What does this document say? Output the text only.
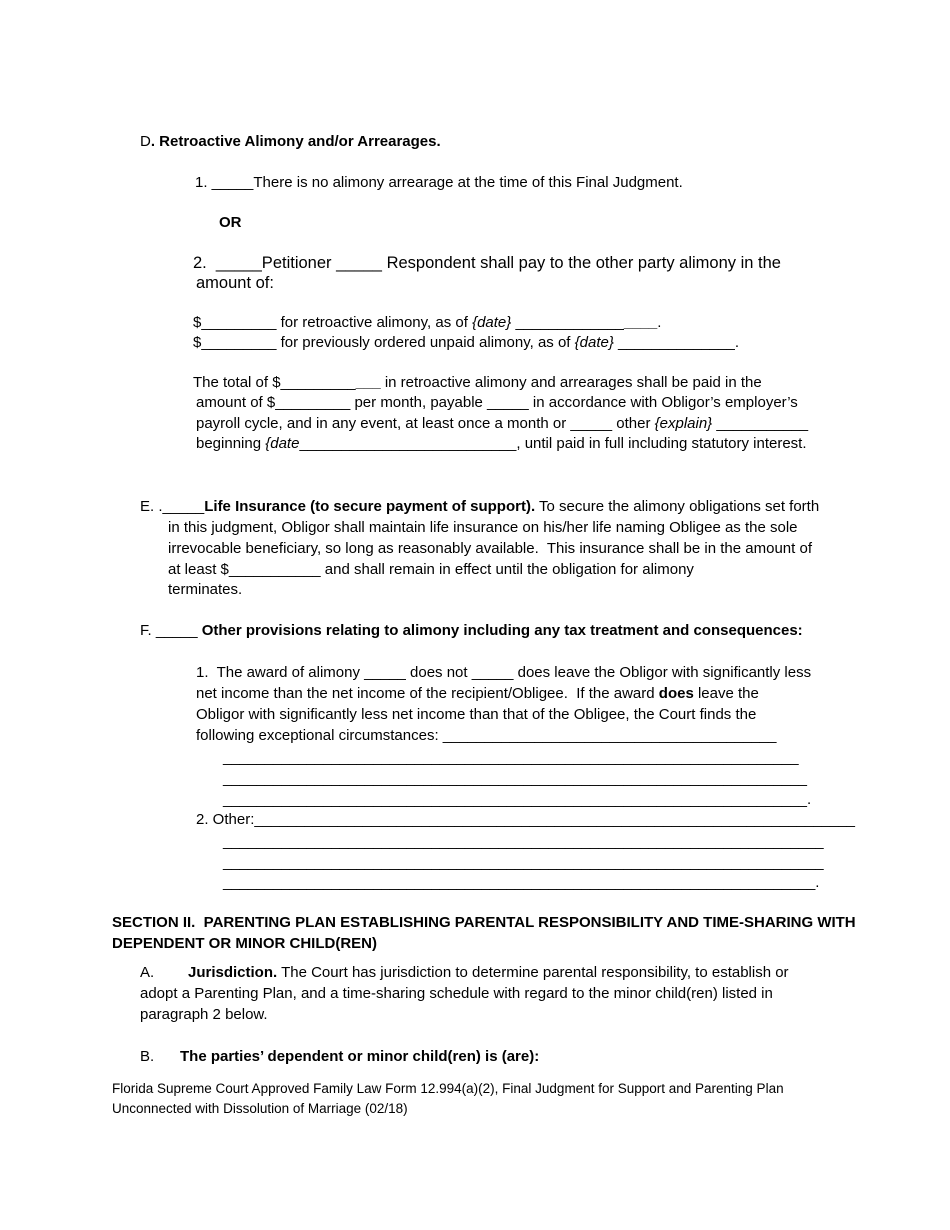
D. Retroactive Alimony and/or Arrearages.
1. _____There is no alimony arrearage at the time of this Final Judgment.
OR
2.  _____Petitioner _____ Respondent shall pay to the other party alimony in the
amount of:
$_________ for retroactive alimony, as of {date} _________________.
$_________ for previously ordered unpaid alimony, as of {date} ______________.
The total of $____________ in retroactive alimony and arrearages shall be paid in the
amount of $_________ per month, payable _____ in accordance with Obligor’s employer’s
payroll cycle, and in any event, at least once a month or _____ other {explain} ___________
beginning {date__________________________, until paid in full including statutory interest.
E. ._____Life Insurance (to secure payment of support). To secure the alimony obligations set forth
in this judgment, Obligor shall maintain life insurance on his/her life naming Obligee as the sole
irrevocable beneficiary, so long as reasonably available.  This insurance shall be in the amount of
at least $___________ and shall remain in effect until the obligation for alimony
terminates.
F. _____ Other provisions relating to alimony including any tax treatment and consequences:
1.  The award of alimony _____ does not _____ does leave the Obligor with significantly less
net income than the net income of the recipient/Obligee.  If the award does leave the
Obligor with significantly less net income than that of the Obligee, the Court finds the
following exceptional circumstances: ________________________________________
_____________________________________________________________________
______________________________________________________________________
______________________________________________________________________.
2. Other:________________________________________________________________________
________________________________________________________________________
________________________________________________________________________
_______________________________________________________________________.
SECTION II.  PARENTING PLAN ESTABLISHING PARENTAL RESPONSIBILITY AND TIME-SHARING WITH
DEPENDENT OR MINOR CHILD(REN)
A. Jurisdiction. The Court has jurisdiction to determine parental responsibility, to establish or
adopt a Parenting Plan, and a time-sharing schedule with regard to the minor child(ren) listed in
paragraph 2 below.
B. The parties’ dependent or minor child(ren) is (are):
Florida Supreme Court Approved Family Law Form 12.994(a)(2), Final Judgment for Support and Parenting Plan
Unconnected with Dissolution of Marriage (02/18)
